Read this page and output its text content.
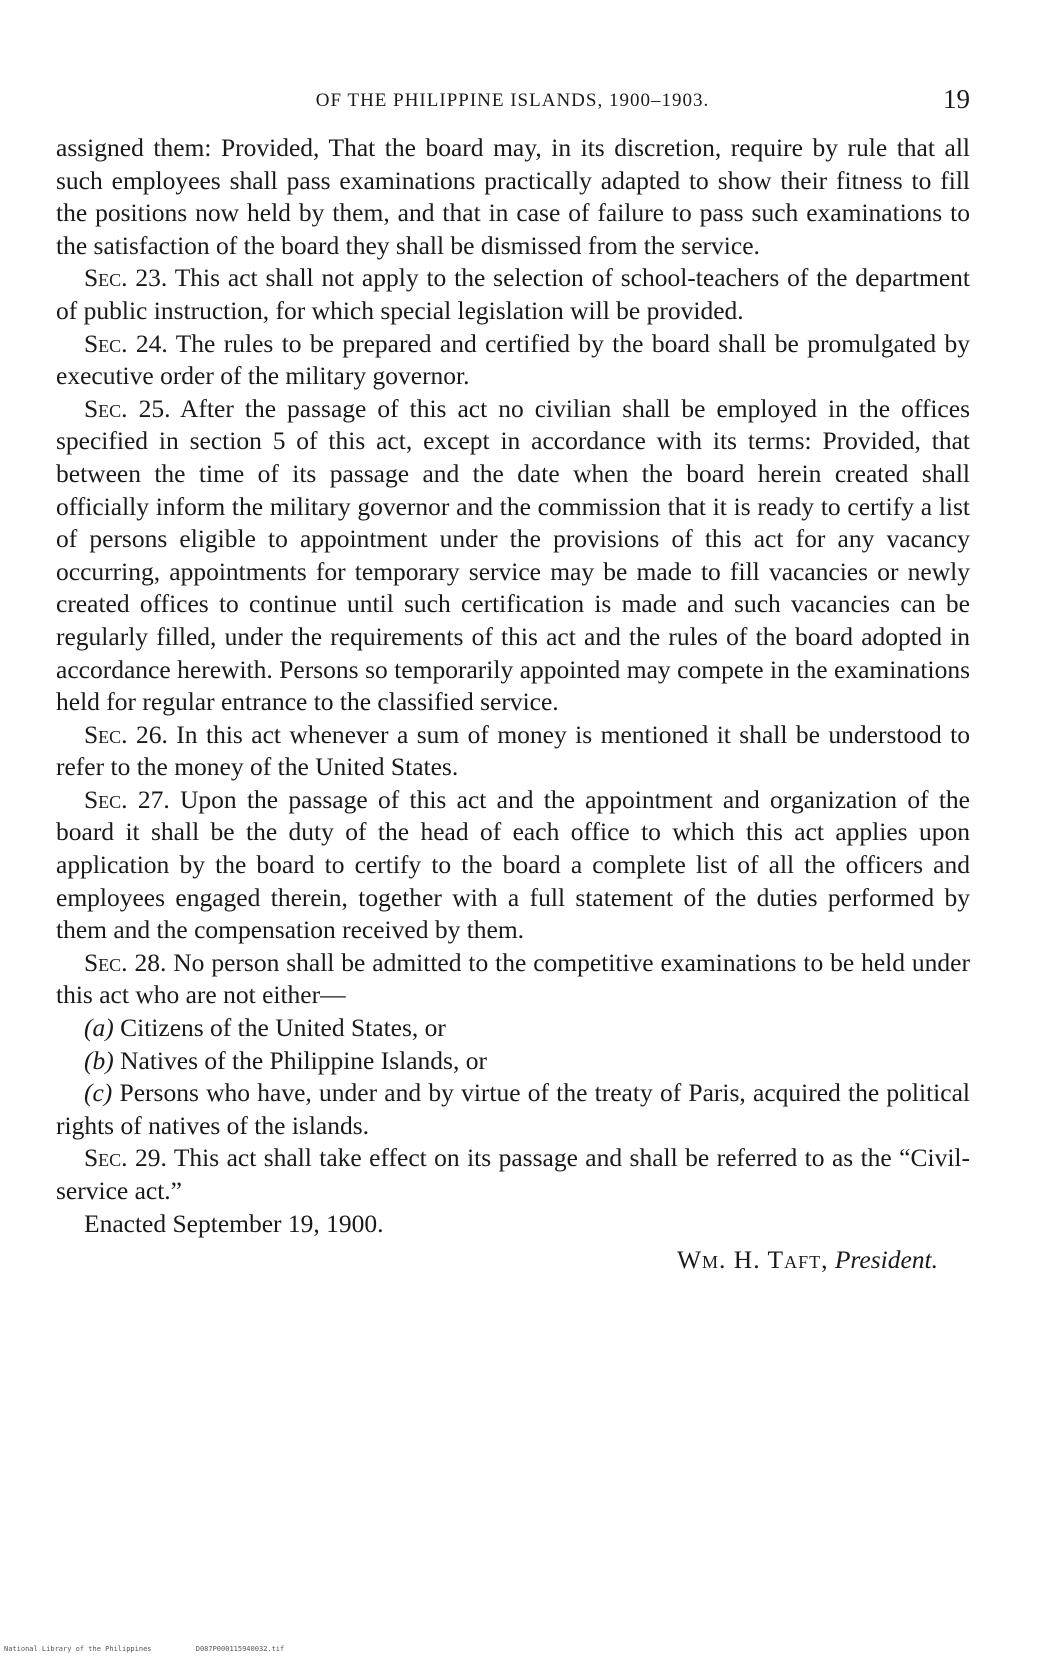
OF THE PHILIPPINE ISLANDS, 1900–1903.	19

assigned them: Provided, That the board may, in its discretion, require by rule that all such employees shall pass examinations practically adapted to show their fitness to fill the positions now held by them, and that in case of failure to pass such examinations to the satisfaction of the board they shall be dismissed from the service.

Sec. 23. This act shall not apply to the selection of school-teachers of the department of public instruction, for which special legislation will be provided.

Sec. 24. The rules to be prepared and certified by the board shall be promulgated by executive order of the military governor.

Sec. 25. After the passage of this act no civilian shall be employed in the offices specified in section 5 of this act, except in accordance with its terms: Provided, that between the time of its passage and the date when the board herein created shall officially inform the military governor and the commission that it is ready to certify a list of persons eligible to appointment under the provisions of this act for any vacancy occurring, appointments for temporary service may be made to fill vacancies or newly created offices to continue until such certification is made and such vacancies can be regularly filled, under the requirements of this act and the rules of the board adopted in accordance herewith. Persons so temporarily appointed may compete in the examinations held for regular entrance to the classified service.

Sec. 26. In this act whenever a sum of money is mentioned it shall be understood to refer to the money of the United States.

Sec. 27. Upon the passage of this act and the appointment and organization of the board it shall be the duty of the head of each office to which this act applies upon application by the board to certify to the board a complete list of all the officers and employees engaged therein, together with a full statement of the duties performed by them and the compensation received by them.

Sec. 28. No person shall be admitted to the competitive examinations to be held under this act who are not either—

(a) Citizens of the United States, or

(b) Natives of the Philippine Islands, or

(c) Persons who have, under and by virtue of the treaty of Paris, acquired the political rights of natives of the islands.

Sec. 29. This act shall take effect on its passage and shall be referred to as the “Civil-service act.”

Enacted September 19, 1900.
Wm. H. Taft, President.
National Library of the Philippines	D087P000115940032.tif
